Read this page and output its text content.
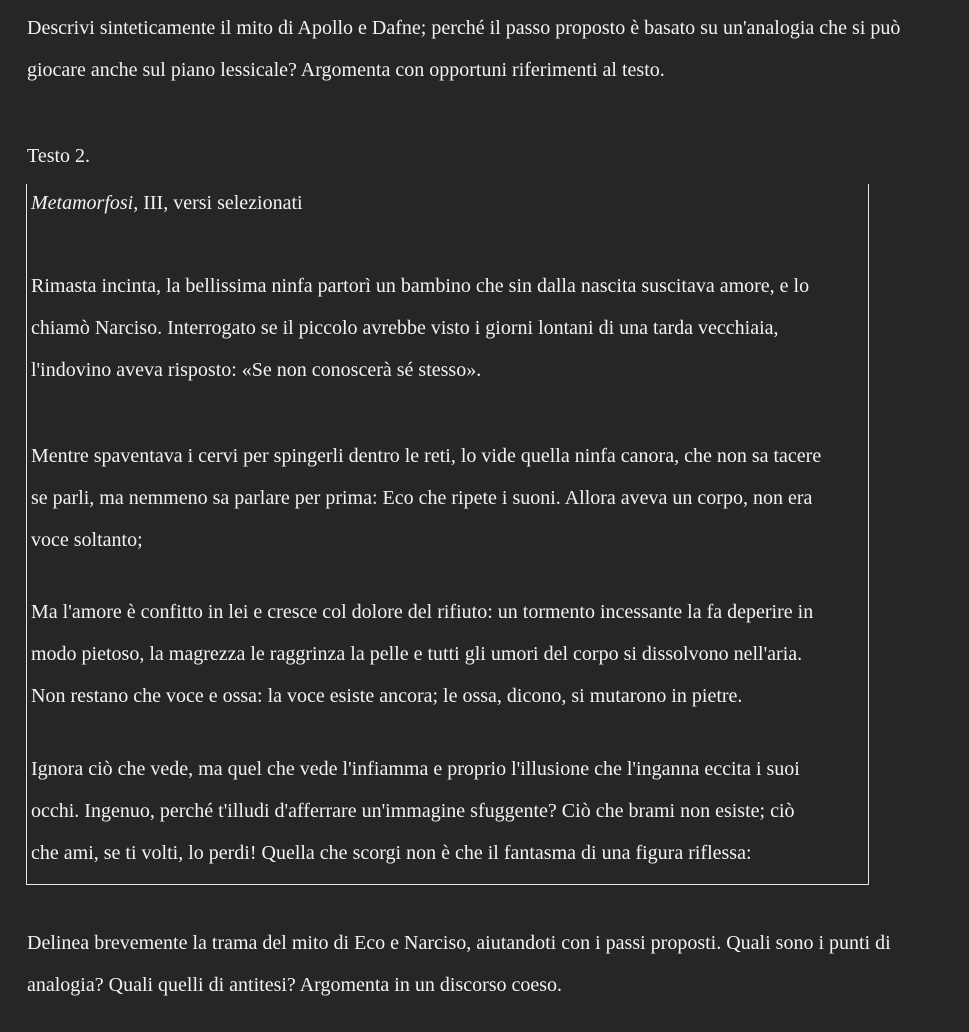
Descrivi sinteticamente il mito di Apollo e Dafne; perché il passo proposto è basato su un'analogia che si può
giocare anche sul piano lessicale? Argomenta con opportuni riferimenti al testo.

Testo 2.

Metamorfosi, III, versi selezionati

Rimasta incinta, la bellissima ninfa partorì un bambino che sin dalla nascita suscitava amore, e lo
chiamò Narciso. Interrogato se il piccolo avrebbe visto i giorni lontani di una tarda vecchiaia,
l'indovino aveva risposto: «Se non conoscerà sé stesso».

Mentre spaventava i cervi per spingerli dentro le reti, lo vide quella ninfa canora, che non sa tacere
se parli, ma nemmeno sa parlare per prima: Eco che ripete i suoni. Allora aveva un corpo, non era
voce soltanto;

Ma l'amore è confitto in lei e cresce col dolore del rifiuto: un tormento incessante la fa deperire in
modo pietoso, la magrezza le raggrinza la pelle e tutti gli umori del corpo si dissolvono nell'aria.
Non restano che voce e ossa: la voce esiste ancora; le ossa, dicono, si mutarono in pietre.

Ignora ciò che vede, ma quel che vede l'infiamma e proprio l'illusione che l'inganna eccita i suoi
occhi. Ingenuo, perché t'illudi d'afferrare un'immagine sfuggente? Ciò che brami non esiste; ciò
che ami, se ti volti, lo perdi! Quella che scorgi non è che il fantasma di una figura riflessa:

Delinea brevemente la trama del mito di Eco e Narciso, aiutandoti con i passi proposti. Quali sono i punti di
analogia? Quali quelli di antitesi? Argomenta in un discorso coeso.
